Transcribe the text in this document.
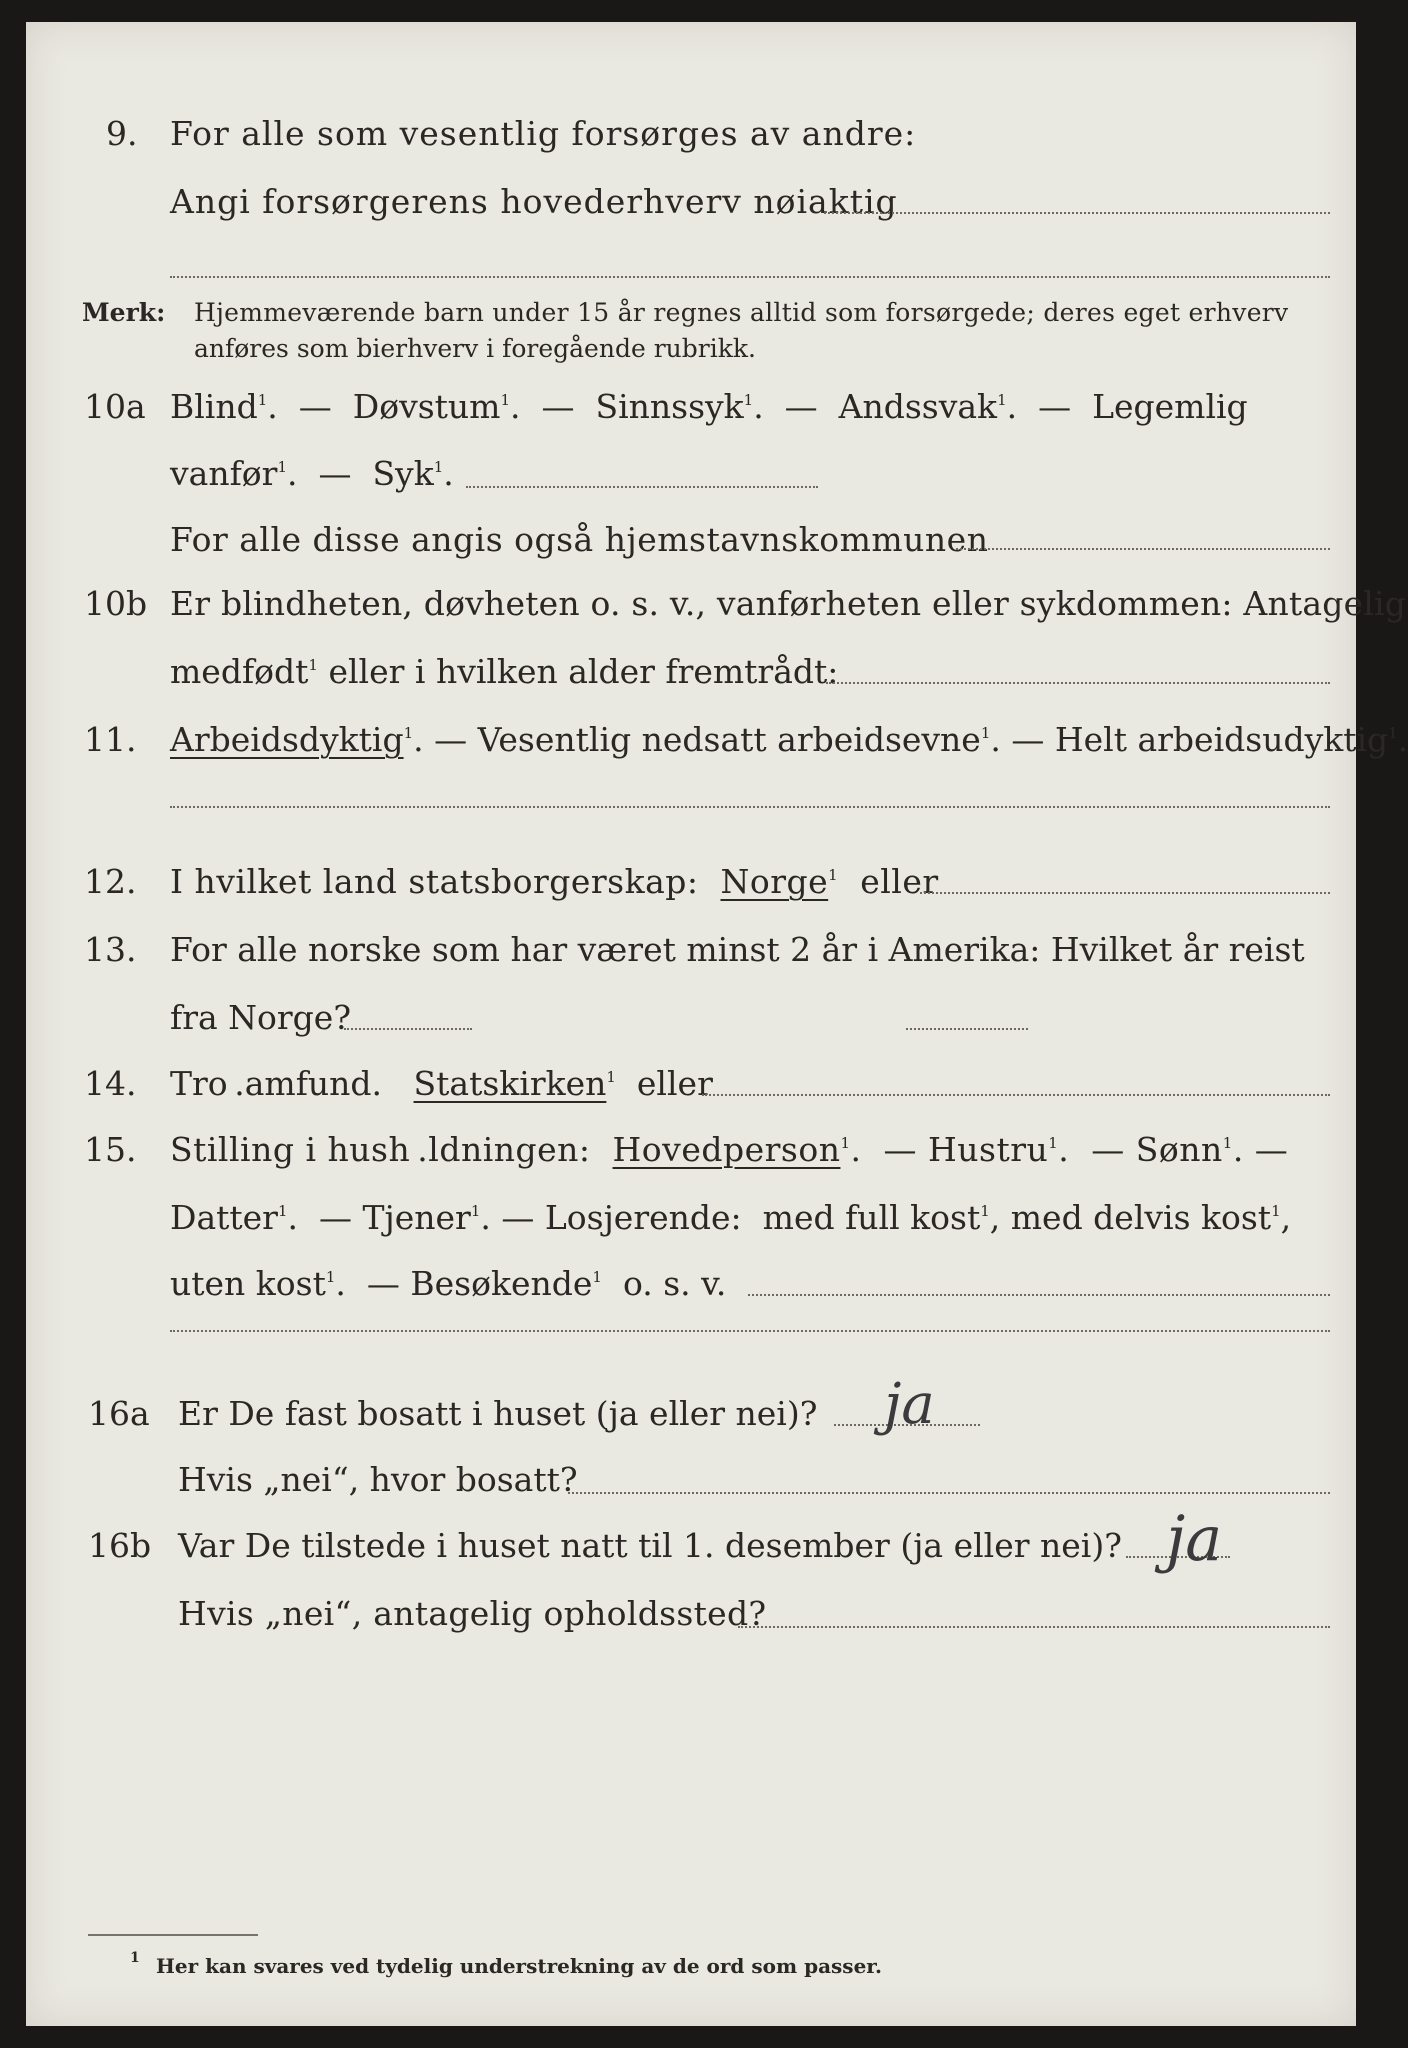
9. For alle som vesentlig forsørges av andre:
Angi forsørgerens hovederhverv nøiaktig
Merk: Hjemmeværende barn under 15 år regnes alltid som forsørgede; deres eget erhverv
anføres som bierhverv i foregående rubrikk.
10a Blind$^1$.  —  Døvstum$^1$.  —  Sinnssyk$^1$.  —  Andssvak$^1$.  —  Legemlig
vanfør$^1$.  —  Syk$^1$.
For alle disse angis også hjemstavnskommunen
10b Er blindheten, døvheten o. s. v., vanførheten eller sykdommen: Antagelig
medfødt$^1$ eller i hvilken alder fremtrådt:
11. Arbeidsdyktig$^1$. — Vesentlig nedsatt arbeidsevne$^1$. — Helt arbeidsudyktig$^1$.
12. I hvilket land statsborgerskap: Norge$^1$ eller
13. For alle norske som har været minst 2 år i Amerika: Hvilket år reist
fra Norge?
14. Tro .amfund. Statskirken$^1$ eller
15. Stilling i hush .ldningen: Hovedperson$^1$.  — Hustru$^1$.  — Sønn$^1$. —
Datter$^1$.  — Tjener$^1$. — Losjerende: med full kost$^1$, med delvis kost$^1$,
uten kost$^1$.  — Besøkende$^1$ o. s. v.
16a Er De fast bosatt i huset (ja eller nei)? ja
Hvis „nei“, hvor bosatt?
16b Var De tilstede i huset natt til 1. desember (ja eller nei)? ja
Hvis „nei“, antagelig opholdssted?
1 Her kan svares ved tydelig understrekning av de ord som passer.
